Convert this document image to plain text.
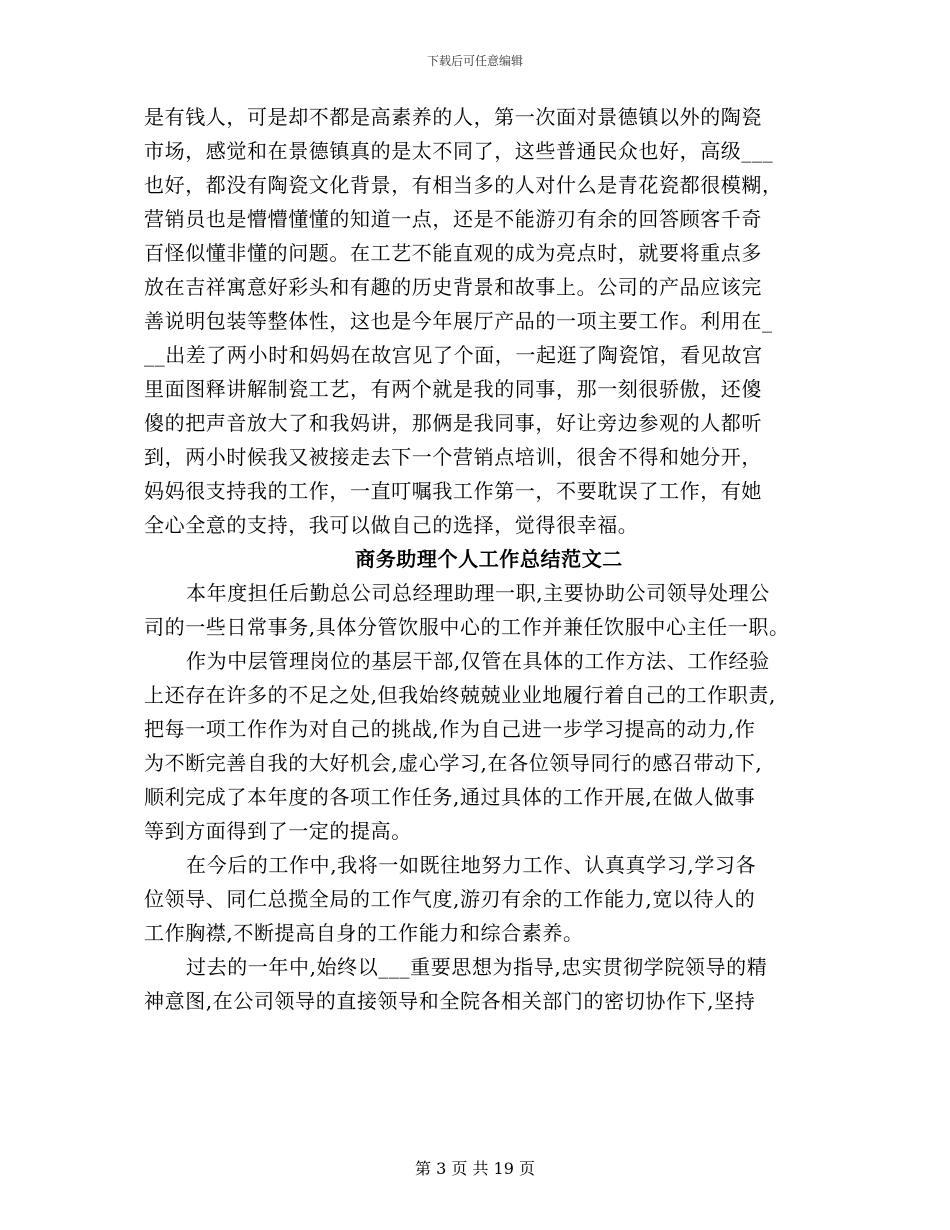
下载后可任意编辑
是有钱人，可是却不都是高素养的人，第一次面对景德镇以外的陶瓷
市场，感觉和在景德镇真的是太不同了，这些普通民众也好，高级___
也好，都没有陶瓷文化背景，有相当多的人对什么是青花瓷都很模糊，
营销员也是懵懵懂懂的知道一点，还是不能游刃有余的回答顾客千奇
百怪似懂非懂的问题。在工艺不能直观的成为亮点时，就要将重点多
放在吉祥寓意好彩头和有趣的历史背景和故事上。公司的产品应该完
善说明包装等整体性，这也是今年展厅产品的一项主要工作。利用在_
__出差了两小时和妈妈在故宫见了个面，一起逛了陶瓷馆，看见故宫
里面图释讲解制瓷工艺，有两个就是我的同事，那一刻很骄傲，还傻
傻的把声音放大了和我妈讲，那俩是我同事，好让旁边参观的人都听
到，两小时候我又被接走去下一个营销点培训，很舍不得和她分开，
妈妈很支持我的工作，一直叮嘱我工作第一，不要耽误了工作，有她
全心全意的支持，我可以做自己的选择，觉得很幸福。
商务助理个人工作总结范文二
本年度担任后勤总公司总经理助理一职,主要协助公司领导处理公
司的一些日常事务,具体分管饮服中心的工作并兼任饮服中心主任一职。
作为中层管理岗位的基层干部,仅管在具体的工作方法、工作经验
上还存在许多的不足之处,但我始终兢兢业业地履行着自己的工作职责,
把每一项工作作为对自己的挑战,作为自己进一步学习提高的动力,作
为不断完善自我的大好机会,虚心学习,在各位领导同行的感召带动下,
顺利完成了本年度的各项工作任务,通过具体的工作开展,在做人做事
等到方面得到了一定的提高。
在今后的工作中,我将一如既往地努力工作、认真真学习,学习各
位领导、同仁总揽全局的工作气度,游刃有余的工作能力,宽以待人的
工作胸襟,不断提高自身的工作能力和综合素养。
过去的一年中,始终以___重要思想为指导,忠实贯彻学院领导的精
神意图,在公司领导的直接领导和全院各相关部门的密切协作下,坚持
第 3 页 共 19 页
